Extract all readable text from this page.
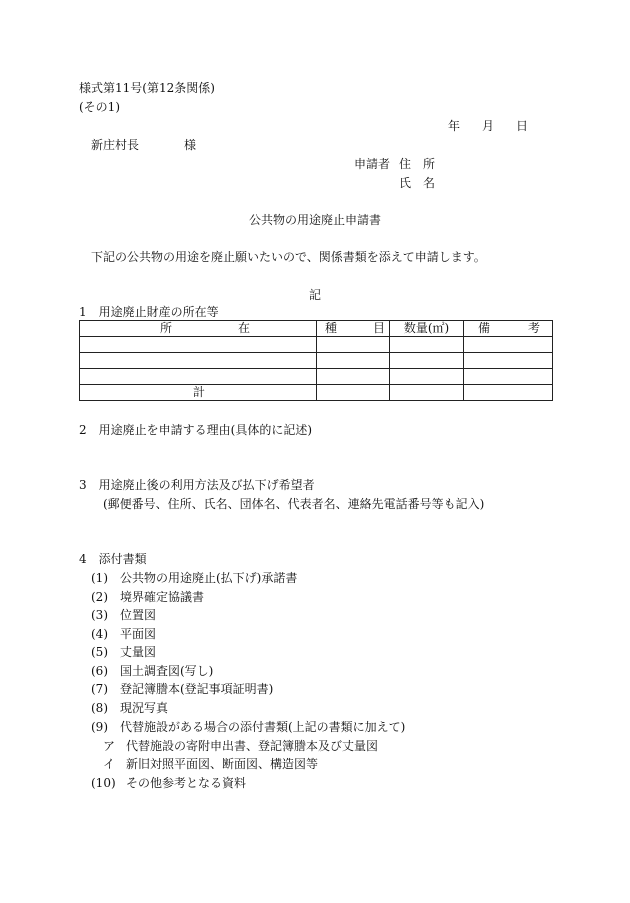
様式第11号(第12条関係)
(その1)
年 月 日
新庄村長	様
申請者 住　所
氏　名
公共物の用途廃止申請書
下記の公共物の用途を廃止願いたいので、関係書類を添えて申請します。
記
1　用途廃止財産の所在等
所 在	種 目	数量(㎡)	備 考

計			
2　用途廃止を申請する理由(具体的に記述)
3　用途廃止後の利用方法及び払下げ希望者
(郵便番号、住所、氏名、団体名、代表者名、連絡先電話番号等も記入)
4　添付書類
(1) 公共物の用途廃止(払下げ)承諾書
(2) 境界確定協議書
(3) 位置図
(4) 平面図
(5) 丈量図
(6) 国土調査図(写し)
(7) 登記簿謄本(登記事項証明書)
(8) 現況写真
(9) 代替施設がある場合の添付書類(上記の書類に加えて)
ア 代替施設の寄附申出書、登記簿謄本及び丈量図
イ 新旧対照平面図、断面図、構造図等
(10) その他参考となる資料
